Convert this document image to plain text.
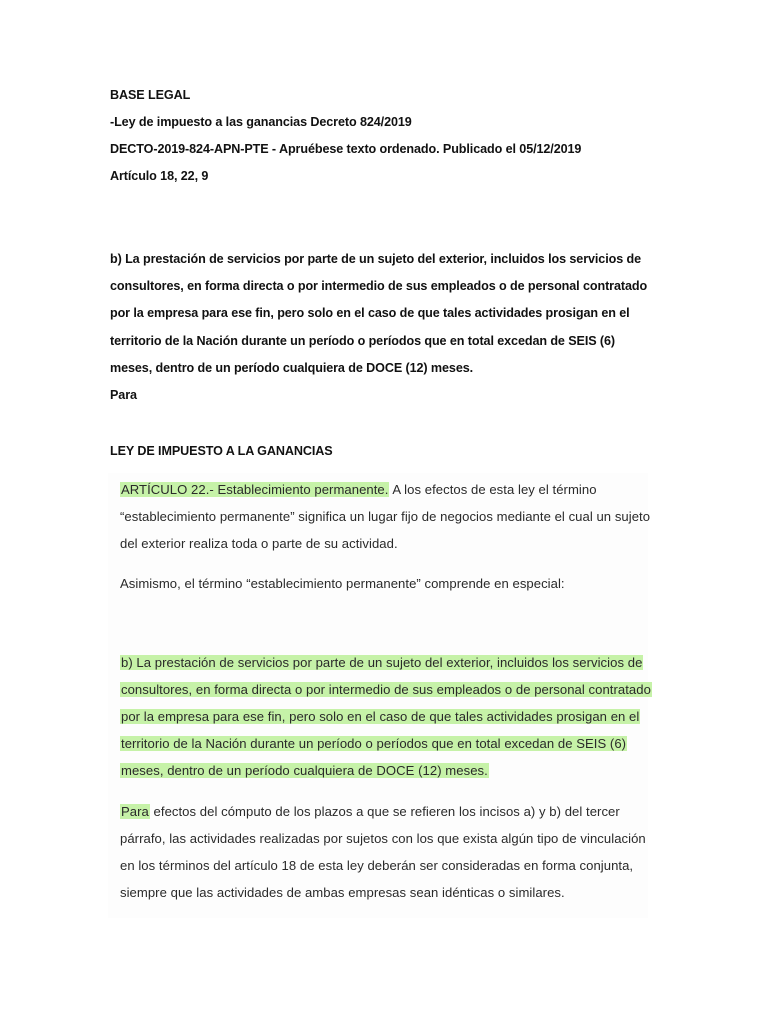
BASE LEGAL
-Ley de impuesto a las ganancias Decreto 824/2019
DECTO-2019-824-APN-PTE - Apruébese texto ordenado. Publicado el 05/12/2019
Artículo 18, 22, 9
b) La prestación de servicios por parte de un sujeto del exterior, incluidos los servicios de
consultores, en forma directa o por intermedio de sus empleados o de personal contratado
por la empresa para ese fin, pero solo en el caso de que tales actividades prosigan en el
territorio de la Nación durante un período o períodos que en total excedan de SEIS (6)
meses, dentro de un período cualquiera de DOCE (12) meses.
Para
LEY DE IMPUESTO A LA GANANCIAS
ARTÍCULO 22.- Establecimiento permanente. A los efectos de esta ley el término
“establecimiento permanente” significa un lugar fijo de negocios mediante el cual un sujeto
del exterior realiza toda o parte de su actividad.
Asimismo, el término “establecimiento permanente” comprende en especial:
b) La prestación de servicios por parte de un sujeto del exterior, incluidos los servicios de
consultores, en forma directa o por intermedio de sus empleados o de personal contratado
por la empresa para ese fin, pero solo en el caso de que tales actividades prosigan en el
territorio de la Nación durante un período o períodos que en total excedan de SEIS (6)
meses, dentro de un período cualquiera de DOCE (12) meses.
Para efectos del cómputo de los plazos a que se refieren los incisos a) y b) del tercer
párrafo, las actividades realizadas por sujetos con los que exista algún tipo de vinculación
en los términos del artículo 18 de esta ley deberán ser consideradas en forma conjunta,
siempre que las actividades de ambas empresas sean idénticas o similares.
